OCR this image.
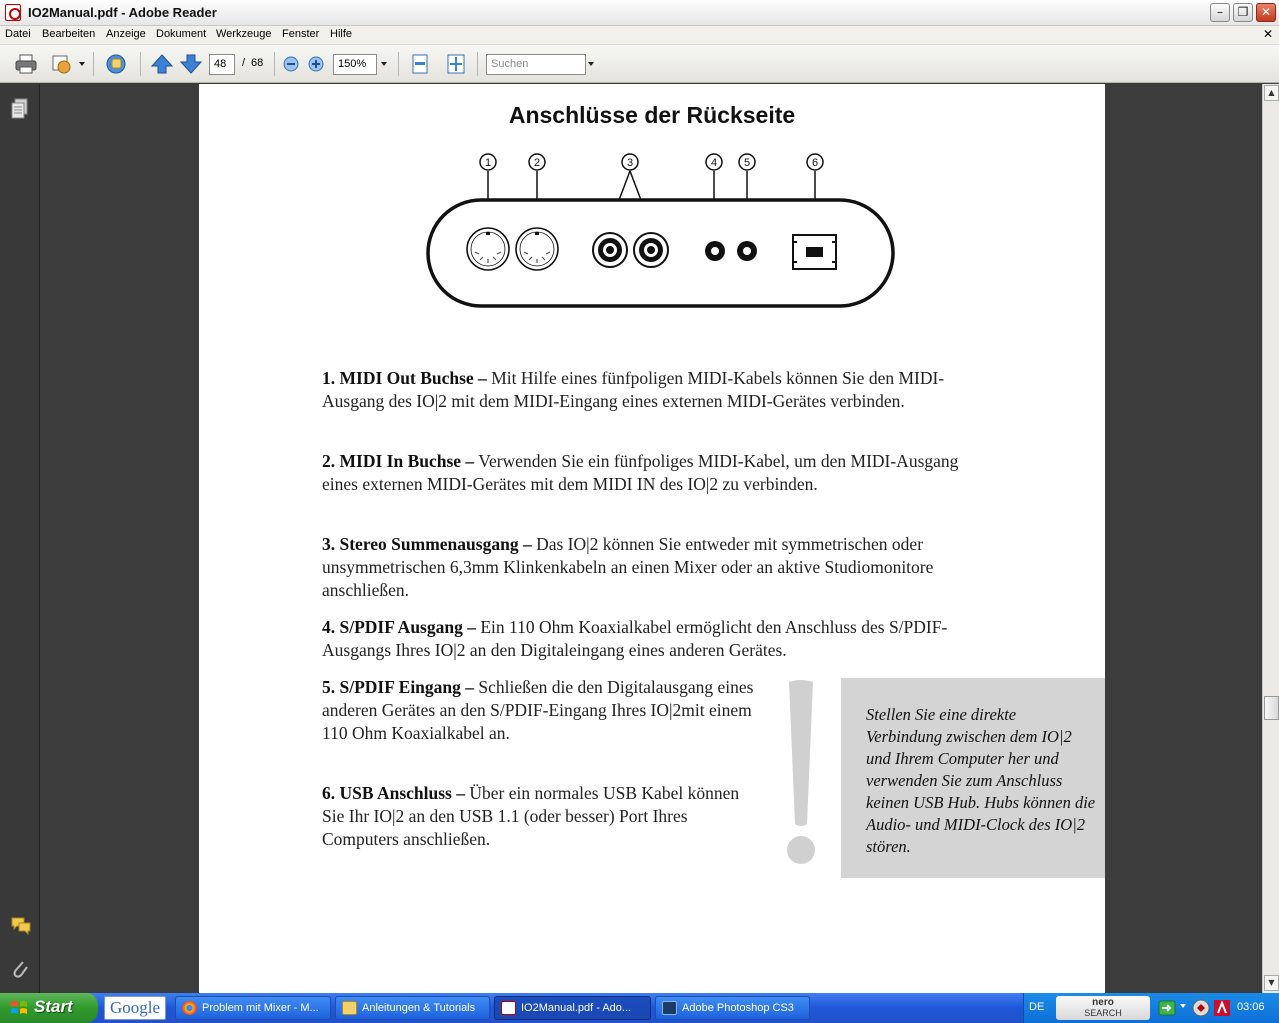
IO2Manual.pdf - Adobe Reader	–	❐	✕
Datei Bearbeiten Anzeige Dokument Werkzeuge Fenster Hilfe	✕
48	/ 68	150%	Suchen
Anschlüsse der Rückseite
1	2	3	4 5	6
1. MIDI Out Buchse – Mit Hilfe eines fünfpoligen MIDI-Kabels können Sie den MIDI-Ausgang des IO|2 mit dem MIDI-Eingang eines externen MIDI-Gerätes verbinden.
2. MIDI In Buchse – Verwenden Sie ein fünfpoliges MIDI-Kabel, um den MIDI-Ausgang eines externen MIDI-Gerätes mit dem MIDI IN des IO|2 zu verbinden.
3. Stereo Summenausgang – Das IO|2 können Sie entweder mit symmetrischen oder unsymmetrischen 6,3mm Klinkenkabeln an einen Mixer oder an aktive Studiomonitore anschließen.
4. S/PDIF Ausgang – Ein 110 Ohm Koaxialkabel ermöglicht den Anschluss des S/PDIF-Ausgangs Ihres IO|2 an den Digitaleingang eines anderen Gerätes.
5. S/PDIF Eingang – Schließen die den Digitalausgang eines anderen Gerätes an den S/PDIF-Eingang Ihres IO|2mit einem 110 Ohm Koaxialkabel an.
6. USB Anschluss – Über ein normales USB Kabel können Sie Ihr IO|2 an den USB 1.1 (oder besser) Port Ihres Computers anschließen.
Stellen Sie eine direkte Verbindung zwischen dem IO|2 und Ihrem Computer her und verwenden Sie zum Anschluss keinen USB Hub. Hubs können die Audio- und MIDI-Clock des IO|2 stören.
▲
▼
Start	Google	Problem mit Mixer - M...	Anleitungen & Tutorials	IO2Manual.pdf - Ado...	Adobe Photoshop CS3	DE	nero
SEARCH	03:06
